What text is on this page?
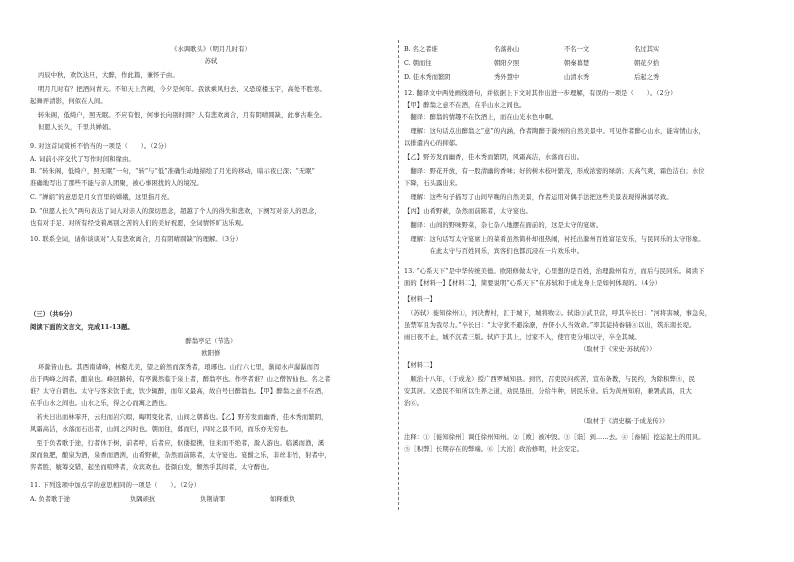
《水调歌头》（明月几时有）
苏轼
丙辰中秋，欢饮达旦，大醉，作此篇，兼怀子由。
明月几时有？把酒问青天。不知天上宫阙，今夕是何年。我欲乘风归去，又恐琼楼玉宇，高处不胜寒。
起舞弄清影，何似在人间。
转朱阁，低绮户，照无眠。不应有恨，何事长向别时圆？人有悲欢离合，月有阴晴圆缺，此事古难全。
但愿人长久，千里共婵娟。
9. 对这首词赏析不恰当的一项是（　　）。（2分）
A. 词前小序交代了写作时间和缘由。
B. “转朱阁，低绮户，照无眠”一句，“转”与“低”准确生动地描绘了月光的移动，暗示夜已深；“无眠”
准确地写出了那些不能与亲人团聚，被心事困扰的人的境况。
C. “婵娟”的意思是月女宫里的嫦娥，这里指月亮。
D. “但愿人长久”两句表达了词人对亲人的深切思念，超越了个人的得失和悲欢，下阕写对亲人的思念，
也有对手足、对所有经受着离别之苦的人们的美好祝愿，全词情怀旷达乐观。
10. 联系全词，请你谈谈对“人有悲欢离合，月有阴晴圆缺”的理解。（3分）
（三）（共6分）
阅读下面的文言文，完成11-13题。
醉翁亭记（节选）
欧阳修
环滁皆山也。其西南诸峰，林壑尤美，望之蔚然而深秀者，琅琊也。山行六七里，渐闻水声潺潺而泻
出于两峰之间者，酿泉也。峰回路转，有亭翼然临于泉上者，醉翁亭也。作亭者谁？山之僧智仙也。名之者
谁？太守自谓也。太守与客来饮于此，饮少辄醉，而年又最高，故自号曰醉翁也。【甲】醉翁之意不在酒，
在乎山水之间也。山水之乐，得之心而寓之酒也。
　若夫日出而林霏开，云归而岩穴暝，晦明变化者，山间之朝暮也。【乙】野芳发而幽香，佳木秀而繁阴，
风霜高洁，水落而石出者，山间之四时也。朝而往，暮而归，四时之景不同，而乐亦无穷也。
　至于负者歌于途，行者休于树，前者呼，后者应，伛偻提携，往来而不绝者，滁人游也。临溪而渔，溪
深而鱼肥，酿泉为酒，泉香而酒洌，山肴野蔌，杂然而前陈者，太守宴也。宴酣之乐，非丝非竹，射者中，
弈者胜，觥筹交错，起坐而喧哗者，众宾欢也。苍颜白发，颓然乎其间者，太守醉也。
11. 下列选项中加点字的意思相同的一项是（　　）。（2分）
A. 负者歌于途	负隅顽抗	负荆请罪	如释重负
B. 名之者谁	名落孙山	不名一文	名过其实
C. 朝而往	朝阳夕照	朝秦暮楚	朝花夕拾
D. 佳木秀而繁阴	秀外慧中	山清水秀	后起之秀
12. 翻译文中两处画线语句，并依据上下文对其作出进一步理解，有误的一项是（　　）。（2分）
【甲】醉翁之意不在酒，在乎山水之间也。
　翻译：醉翁的情趣不在饮酒上，而在山光水色中啊。
　理解：这句话点出醉翁之“意”的内涵，作者陶醉于滁州的自然美景中。可见作者醉心山水，能寄情山水，
以排遣内心的抑郁。
【乙】野芳发而幽香，佳木秀而繁阴，风霜高洁，水落而石出。
　翻译：野花开放，有一股清幽的香味；好的树木枝叶繁茂，形成浓密的绿荫；天高气爽，霜色洁白；水位
下降，石头露出来。
　理解：这些句子描写了山间早晚的自然美景，作者运用对偶手法把这些美景表现得淋漓尽致。
【丙】山肴野蔌，杂然而前陈者，太守宴也。
　翻译：山间的野味野菜，杂七杂八地摆在面前的，这是太守的宴席。
　理解：这句话写太守宴席上的菜肴虽然简朴却很热闹，衬托出滁州百姓富足安乐，与民同乐的太守形象。
　　　　在此太守与百姓同乐，宾客们也都沉浸在一片欢乐中。
13. “心系天下”是中华传统美德。欧阳修做太守，心里想的是百姓，治理滁州有方，而后与民同乐。阅读下
面的【材料一】【材料二】，简要说明“心系天下”在苏轼和于成龙身上是如何体现的。（4分）
【材料一】
　（苏轼）徙知徐州①，河决曹村，汇于城下，城将败②。轼诣③武卫营，呼其卒长曰：“河将害城，事急矣，
虽禁军且为我尽力。”卒长曰：“太守犹不避涂潦，吾侪小人当效命。”率其徒持畚锸④以出，筑东南长堤。
雨日夜不止，城不沉者三版。轼庐于其上，过家不入，使官吏分堵以守，卒全其城。
　　　　　　　　　　　　　　　　　　　　　　　　　　　　（取材于《宋史·苏轼传》）
【材料二】
　顺治十八年，（于成龙）授广西罗城知县。到官，召吏民问疾苦，宣布条教，与民约，为除积弊⑤，民
安其居。又恐民不知所以生养之道，劝民垦田，分给牛种，居民乐业。后为黄州知府，兼署武昌，且大
治⑥。
　　　　　　　　　　　　　　　　　　　　　　　　　　　　（取材于《清史稿·于成龙传》）
注释：①［徙知徐州］调任徐州知州。②［败］被冲毁。③［诣］到……去。④［畚锸］挖运泥土的用具。
⑤［积弊］长期存在的弊端。⑥［大治］政治修明，社会安定。
